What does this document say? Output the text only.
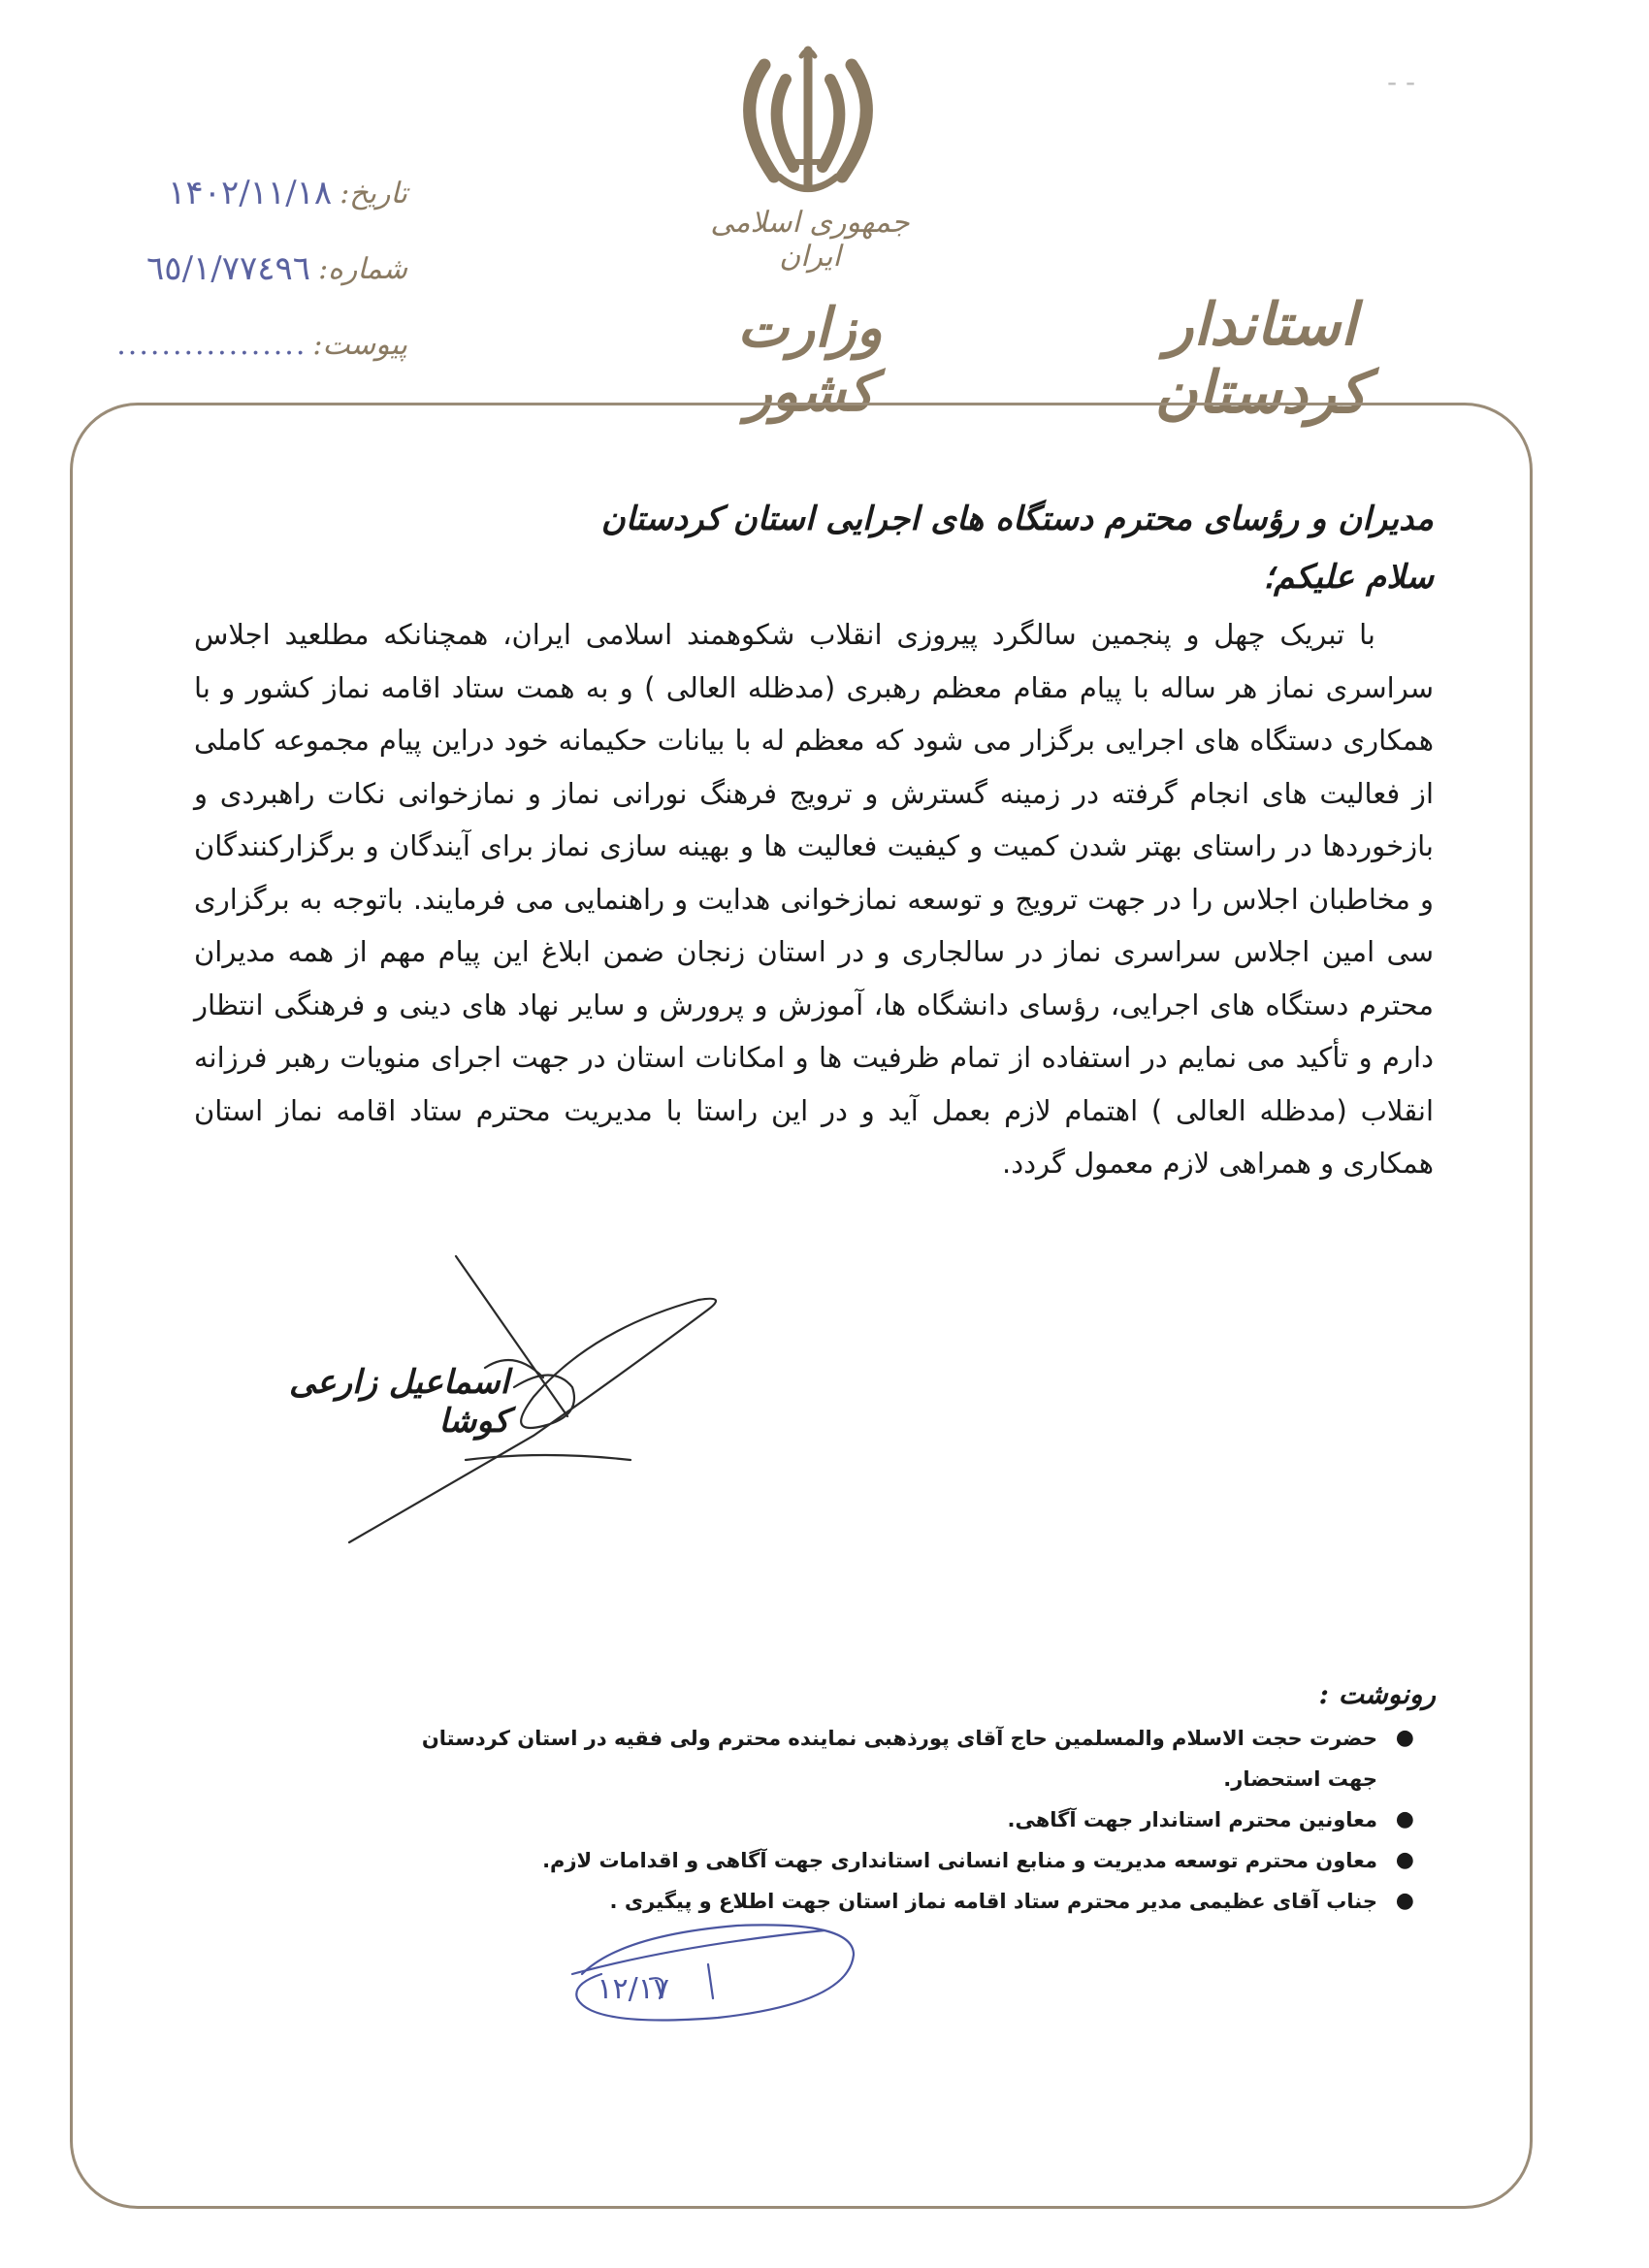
تاریخ:
١۴٠٢/١١/١٨
شماره:
٦٥/١/٧٧٤٩٦
پیوست:
.................
- -
جمهوری اسلامی ایران
وزارت کشور
استاندار کردستان
مدیران و رؤسای محترم دستگاه های اجرایی استان کردستان
سلام علیکم؛

با تبریک چهل و پنجمین سالگرد پیروزی انقلاب شکوهمند اسلامی ایران، همچنانکه مطلعید اجلاس سراسری نماز هر ساله با پیام مقام معظم رهبری (مدظله العالی ) و به همت ستاد اقامه نماز کشور و با همکاری دستگاه های اجرایی برگزار می شود که معظم له با بیانات حکیمانه خود دراین پیام مجموعه کاملی از فعالیت های انجام گرفته در زمینه گسترش و ترویج فرهنگ نورانی نماز و نمازخوانی نکات راهبردی و بازخوردها در راستای بهتر شدن کمیت و کیفیت فعالیت ها و بهینه سازی نماز برای آیندگان و برگزارکنندگان و مخاطبان اجلاس را در جهت ترویج و توسعه نمازخوانی هدایت و راهنمایی می فرمایند. باتوجه به برگزاری سی امین اجلاس سراسری نماز در سالجاری و در استان زنجان ضمن ابلاغ این پیام مهم از همه مدیران محترم دستگاه های اجرایی، رؤسای دانشگاه ها، آموزش و پرورش و سایر نهاد های دینی و فرهنگی انتظار دارم و تأکید می نمایم در استفاده از تمام ظرفیت ها و امکانات استان در جهت اجرای منویات رهبر فرزانه انقلاب (مدظله العالی ) اهتمام لازم بعمل آید و در این راستا با مدیریت محترم ستاد اقامه نماز استان همکاری و همراهی لازم معمول گردد.

اسماعیل زارعی کوشا
رونوشت :
●
حضرت حجت الاسلام والمسلمین حاج آقای پورذهبی نماینده محترم ولی فقیه در استان کردستان جهت استحضار.
●
معاونین محترم استاندار جهت آگاهی.
●
معاون محترم توسعه مدیریت و منابع انسانی استانداری جهت آگاهی و اقدامات لازم.
●
جناب آقای عظیمی مدیر محترم ستاد اقامه نماز استان جهت اطلاع و پیگیری .
١٢/١٧
